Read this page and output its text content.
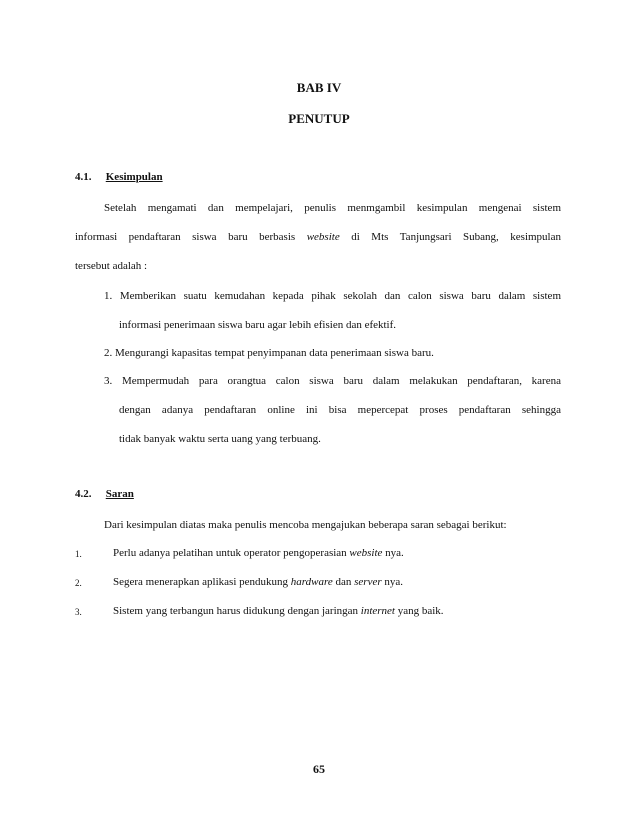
BAB IV
PENUTUP
4.1. Kesimpulan
Setelah mengamati dan mempelajari, penulis menmgambil kesimpulan mengenai sistem
informasi pendaftaran siswa baru berbasis website di Mts Tanjungsari Subang, kesimpulan
tersebut adalah :
1. Memberikan suatu kemudahan kepada pihak sekolah dan calon siswa baru dalam sistem
informasi penerimaan siswa baru agar lebih efisien dan efektif.
2. Mengurangi kapasitas tempat penyimpanan data penerimaan siswa baru.
3. Mempermudah para orangtua calon siswa baru dalam melakukan pendaftaran, karena
dengan adanya pendaftaran online ini bisa mepercepat proses pendaftaran sehingga
tidak banyak waktu serta uang yang terbuang.
4.2. Saran
Dari kesimpulan diatas maka penulis mencoba mengajukan beberapa saran sebagai berikut:
1.	Perlu adanya pelatihan untuk operator pengoperasian website nya.
2.	Segera menerapkan aplikasi pendukung hardware dan server nya.
3.	Sistem yang terbangun harus didukung dengan jaringan internet yang baik.
65
